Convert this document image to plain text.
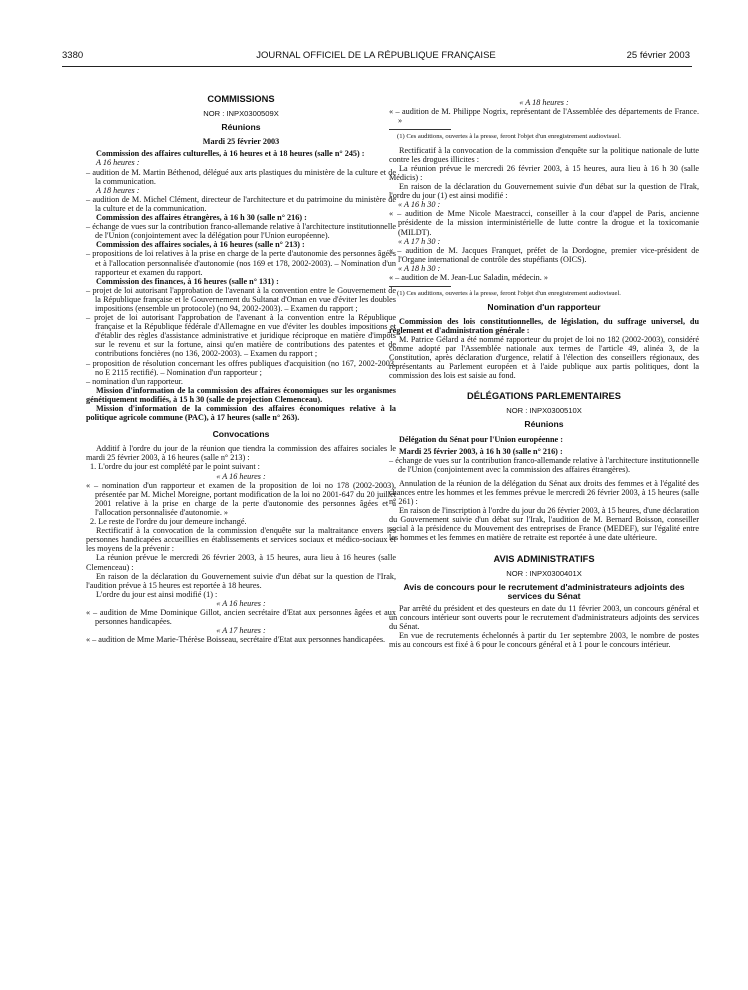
3380	JOURNAL OFFICIEL DE LA RÉPUBLIQUE FRANÇAISE	25 février 2003

COMMISSIONS

NOR : INPX0300509X

Réunions

Mardi 25 février 2003

Commission des affaires culturelles, à 16 heures et à 18 heures (salle n° 245) :

A 16 heures :

– audition de M. Martin Béthenod, délégué aux arts plastiques du ministère de la culture et de la communication.

A 18 heures :

– audition de M. Michel Clément, directeur de l'architecture et du patrimoine du ministère de la culture et de la communication.

Commission des affaires étrangères, à 16 h 30 (salle n° 216) :

– échange de vues sur la contribution franco-allemande relative à l'architecture institutionnelle de l'Union (conjointement avec la délégation pour l'Union européenne).

Commission des affaires sociales, à 16 heures (salle n° 213) :

– propositions de loi relatives à la prise en charge de la perte d'autonomie des personnes âgées et à l'allocation personnalisée d'autonomie (nos 169 et 178, 2002-2003). – Nomination d'un rapporteur et examen du rapport.

Commission des finances, à 16 heures (salle n° 131) :

– projet de loi autorisant l'approbation de l'avenant à la convention entre le Gouvernement de la République française et le Gouvernement du Sultanat d'Oman en vue d'éviter les doubles impositions (ensemble un protocole) (no 94, 2002-2003). – Examen du rapport ;

– projet de loi autorisant l'approbation de l'avenant à la convention entre la République française et la République fédérale d'Allemagne en vue d'éviter les doubles impositions et d'établir des règles d'assistance administrative et juridique réciproque en matière d'impôts sur le revenu et sur la fortune, ainsi qu'en matière de contributions des patentes et de contributions foncières (no 136, 2002-2003). – Examen du rapport ;

– proposition de résolution concernant les offres publiques d'acquisition (no 167, 2002-2003, no E 2115 rectifié). – Nomination d'un rapporteur ;

– nomination d'un rapporteur.

Mission d'information de la commission des affaires économiques sur les organismes génétiquement modifiés, à 15 h 30 (salle de projection Clemenceau).

Mission d'information de la commission des affaires économiques relative à la politique agricole commune (PAC), à 17 heures (salle n° 263).

Convocations

Additif à l'ordre du jour de la réunion que tiendra la commission des affaires sociales le mardi 25 février 2003, à 16 heures (salle n° 213) :

1. L'ordre du jour est complété par le point suivant :

« A 16 heures :

« – nomination d'un rapporteur et examen de la proposition de loi no 178 (2002-2003), présentée par M. Michel Moreigne, portant modification de la loi no 2001-647 du 20 juillet 2001 relative à la prise en charge de la perte d'autonomie des personnes âgées et à l'allocation personnalisée d'autonomie. »

2. Le reste de l'ordre du jour demeure inchangé.

Rectificatif à la convocation de la commission d'enquête sur la maltraitance envers les personnes handicapées accueillies en établissements et services sociaux et médico-sociaux et les moyens de la prévenir :

La réunion prévue le mercredi 26 février 2003, à 15 heures, aura lieu à 16 heures (salle Clemenceau) :

En raison de la déclaration du Gouvernement suivie d'un débat sur la question de l'Irak, l'audition prévue à 15 heures est reportée à 18 heures.

L'ordre du jour est ainsi modifié (1) :

« A 16 heures :

« – audition de Mme Dominique Gillot, ancien secrétaire d'Etat aux personnes âgées et aux personnes handicapées.

« A 17 heures :

« – audition de Mme Marie-Thérèse Boisseau, secrétaire d'Etat aux personnes handicapées.

« A 18 heures :

« – audition de M. Philippe Nogrix, représentant de l'Assemblée des départements de France. »

(1) Ces auditions, ouvertes à la presse, feront l'objet d'un enregistrement audiovisuel.

Rectificatif à la convocation de la commission d'enquête sur la politique nationale de lutte contre les drogues illicites :

La réunion prévue le mercredi 26 février 2003, à 15 heures, aura lieu à 16 h 30 (salle Médicis) :

En raison de la déclaration du Gouvernement suivie d'un débat sur la question de l'Irak, l'ordre du jour (1) est ainsi modifié :

« A 16 h 30 :

« – audition de Mme Nicole Maestracci, conseiller à la cour d'appel de Paris, ancienne présidente de la mission interministérielle de lutte contre la drogue et la toxicomanie (MILDT).

« A 17 h 30 :

« – audition de M. Jacques Franquet, préfet de la Dordogne, premier vice-président de l'Organe international de contrôle des stupéfiants (OICS).

« A 18 h 30 :

« – audition de M. Jean-Luc Saladin, médecin. »

(1) Ces auditions, ouvertes à la presse, feront l'objet d'un enregistrement audiovisuel.

Nomination d'un rapporteur

Commission des lois constitutionnelles, de législation, du suffrage universel, du règlement et d'administration générale :

M. Patrice Gélard a été nommé rapporteur du projet de loi no 182 (2002-2003), considéré comme adopté par l'Assemblée nationale aux termes de l'article 49, alinéa 3, de la Constitution, après déclaration d'urgence, relatif à l'élection des conseillers régionaux, des représentants au Parlement européen et à l'aide publique aux partis politiques, dont la commission des lois est saisie au fond.

DÉLÉGATIONS PARLEMENTAIRES

NOR : INPX0300510X

Réunions

Délégation du Sénat pour l'Union européenne :

Mardi 25 février 2003, à 16 h 30 (salle n° 216) :

– échange de vues sur la contribution franco-allemande relative à l'architecture institutionnelle de l'Union (conjointement avec la commission des affaires étrangères).

Annulation de la réunion de la délégation du Sénat aux droits des femmes et à l'égalité des chances entre les hommes et les femmes prévue le mercredi 26 février 2003, à 15 heures (salle n° 261) :

En raison de l'inscription à l'ordre du jour du 26 février 2003, à 15 heures, d'une déclaration du Gouvernement suivie d'un débat sur l'Irak, l'audition de M. Bernard Boisson, conseiller social à la présidence du Mouvement des entreprises de France (MEDEF), sur l'égalité entre les hommes et les femmes en matière de retraite est reportée à une date ultérieure.

AVIS ADMINISTRATIFS

NOR : INPX0300401X

Avis de concours pour le recrutement d'administrateurs adjoints des services du Sénat

Par arrêté du président et des questeurs en date du 11 février 2003, un concours général et un concours intérieur sont ouverts pour le recrutement d'administrateurs adjoints des services du Sénat.

En vue de recrutements échelonnés à partir du 1er septembre 2003, le nombre de postes mis au concours est fixé à 6 pour le concours général et à 1 pour le concours intérieur.
